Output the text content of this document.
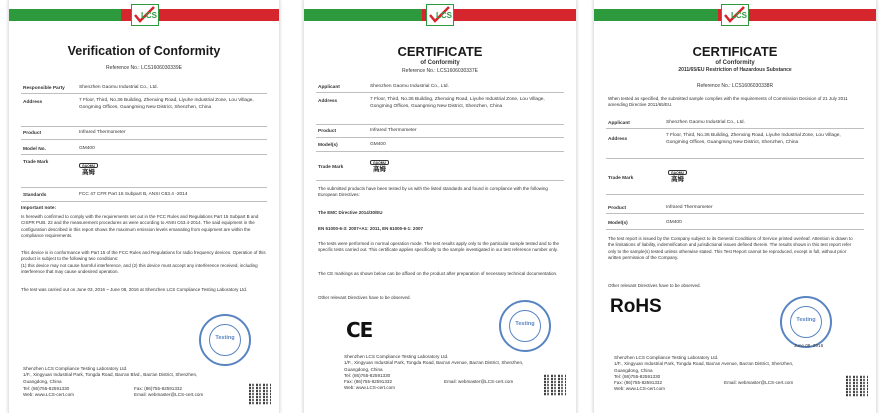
LCS
Verification of Conformity
Reference No.: LCS1606030339E
Responsible Party	Shenzhen Gaomu Industrial Co., Ltd.
Address	7 Floor, Third, No.36 Building, Zhenxing Road, Liyuhe Industrial Zone, Lou Village, Gongming Offices, Guangming New District, Shenzhen, China
Product	Infrared Thermometer
Model No.	GM400
Trade Mark
GAOMU
高姆
Standards	FCC 47 CFR Part 15 Subpart B, ANSI C63.4 -2014
Important note:
Is herewith confirmed to comply with the requirements set out in the FCC Rules and Regulations Part 15 Subpart B and CISPR PUB. 22 and the measurement procedures as were according to ANSI C63.4-2014. The said equipment in the configuration described in this report shows the maximum emission levels emanating from equipment are within the compliance requirements.
This device is in conformance with Part 15 of the FCC Rules and Regulations for radio frequency devices. Operation of this product is subject to the following two conditions:
(1) this device may not cause harmful interference, and (2) this device must accept any interference received, including interference that may cause undesired operation.
The test was carried out on June 03, 2016 ~ June 08, 2016 at Shenzhen LCS Compliance Testing Laboratory Ltd.
Testing
Shenzhen LCS Compliance Testing Laboratory Ltd.
1/F., Xingyuan Industrial Park, Tongda Road, Bao'an Blvd., Bao'an District, Shenzhen, Guangdong, China
Tel: (86)755-82591330	Fax: (86)755-82591332
Web: www.LCS-cert.com	Email: webmaster@LCS-cert.com
LCS
CERTIFICATE
of Conformity
Reference No.: LCS1606030337E
Applicant	Shenzhen Gaomu Industrial Co., Ltd.
Address	7 Floor, Third, No.36 Building, Zhenxing Road, Liyuhe Industrial Zone, Lou Village, Gongming Offices, Guangming New District, Shenzhen, China
Product	Infrared Thermometer
Model(s)	GM400
Trade Mark
GAOMU
高姆
The submitted products have been tested by us with the listed standards and found in compliance with the following European Directives:
The EMC Directive 2014/30/EU
EN 61000-6-3: 2007+A1: 2011, EN 61000-6-1: 2007
The tests were performed in normal operation mode. The test results apply only to the particular sample tested and to the specific tests carried out. This certificate applies specifically to the sample investigated in our test reference number only.
The CE markings as shown below can be affixed on the product after preparation of necessary technical documentation.
Other relevant Directives have to be observed.
CE	Testing
Shenzhen LCS Compliance Testing Laboratory Ltd.
1/F., Xingyuan Industrial Park, Tongda Road, Bao'an Avenue, Bao'an District, Shenzhen, Guangdong, China
Tel: (86)755-82591330
Fax: (86)755-82591332
Web: www.LCS-cert.com
Email: webmaster@LCS-cert.com
LCS
CERTIFICATE
of Conformity
2011/65/EU Restriction of Hazardous Substance
Reference No.: LCS1606030338R
When tested as specified, the submitted sample complies with the requirements of Commission Decision of 21 July 2011 amending Directive 2011/65/EU.
Applicant	Shenzhen Gaomu Industrial Co., Ltd.
Address
7 Floor, Third, No.36 Building, Zhenxing Road, Liyuhe Industrial Zone, Lou Village, Gongming Offices, Guangming New District, Shenzhen, China
Trade Mark
GAOMU
高姆
Product	Infrared Thermometer
Model(s)	GM400
The test report is issued by the Company subject to its General Conditions of Service printed overleaf. Attention is drawn to the limitations of liability, indemnification and jurisdictional issues defined therein. The results shown in this test report refer only to the sample(s) tested unless otherwise stated. This Test Report cannot be reproduced, except in full, without prior written permission of the Company.
Other relevant Directives have to be observed.
RoHS
Testing
June 08, 2016
Shenzhen LCS Compliance Testing Laboratory Ltd.
1/F., Xingyuan Industrial Park, Tongda Road, Bao'an Avenue, Bao'an District, Shenzhen, Guangdong, China
Tel: (86)755-82591330
Fax: (86)755-82591332
Web: www.LCS-cert.com
Email: webmaster@LCS-cert.com
